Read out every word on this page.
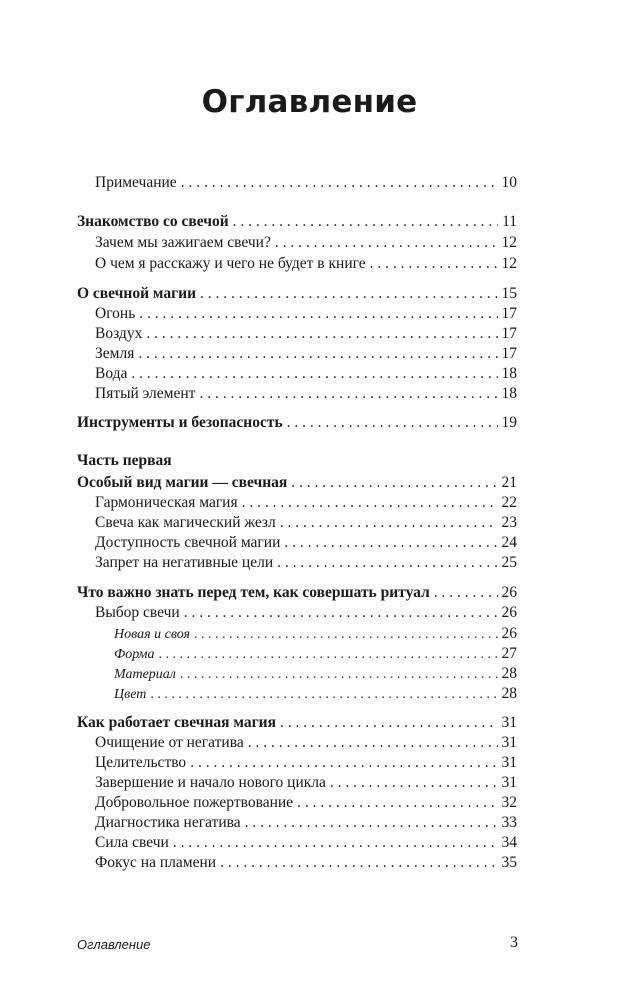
Оглавление
Примечание . . .	10
Знакомство со свечой . . .	11
Зачем мы зажигаем свечи? . . .	12
О чем я расскажу и чего не будет в книге . . .	12
О свечной магии . . .	15
Огонь . . .	17
Воздух . . .	17
Земля . . .	17
Вода . . .	18
Пятый элемент . . .	18
Инструменты и безопасность . . .	19
Часть первая
Особый вид магии — свечная . . .	21
Гармоническая магия . . .	22
Свеча как магический жезл . . .	23
Доступность свечной магии . . .	24
Запрет на негативные цели . . .	25
Что важно знать перед тем, как совершать ритуал . . .	26
Выбор свечи . . .	26
Новая и своя . . .	26
Форма . . .	27
Материал . . .	28
Цвет . . .	28
Как работает свечная магия . . .	31
Очищение от негатива . . .	31
Целительство . . .	31
Завершение и начало нового цикла . . .	31
Добровольное пожертвование . . .	32
Диагностика негатива . . .	33
Сила свечи . . .	34
Фокус на пламени . . .	35
Оглавление	3
